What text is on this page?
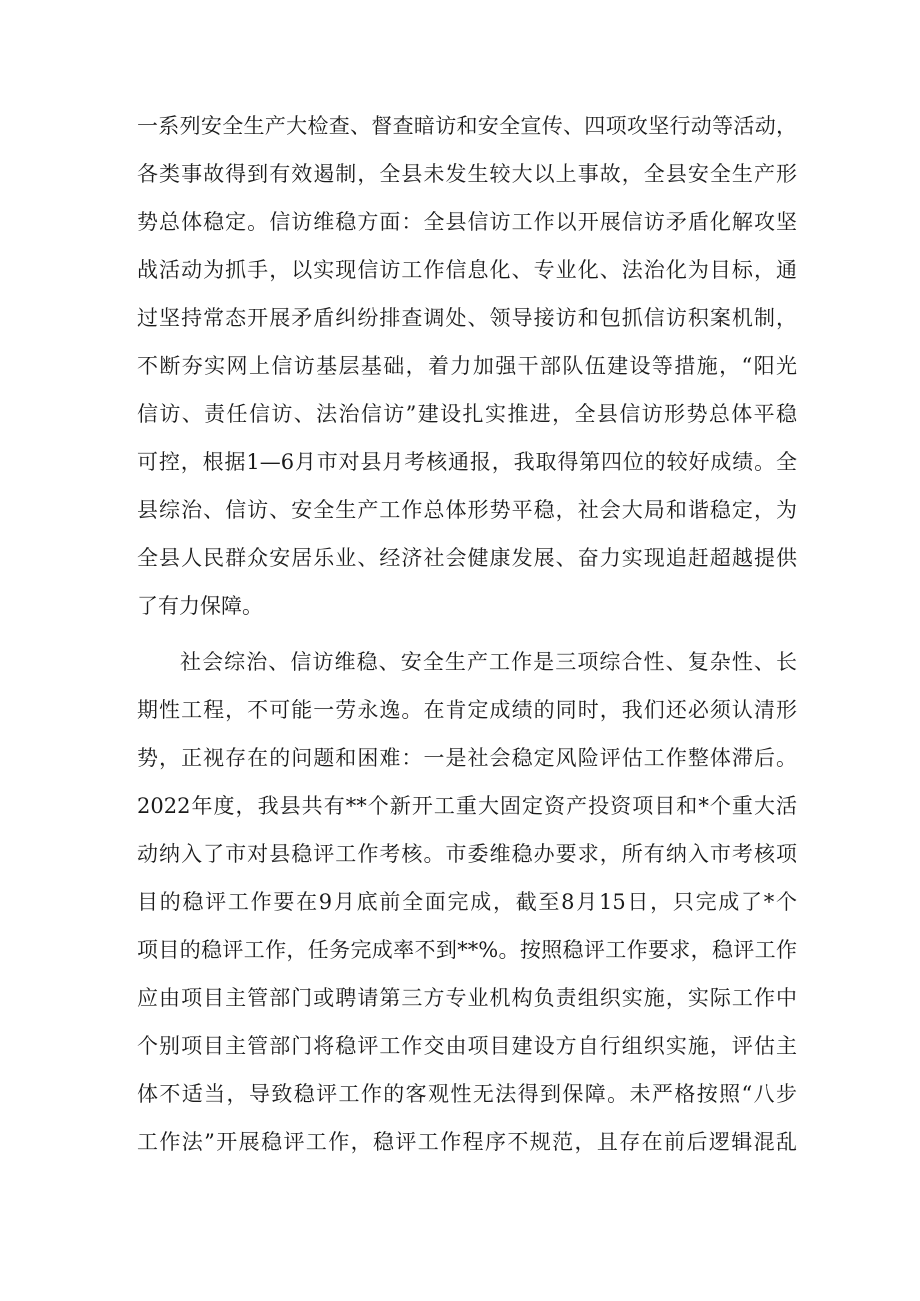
一系列安全生产大检查、督查暗访和安全宣传、四项攻坚行动等活动，
各类事故得到有效遏制，全县未发生较大以上事故，全县安全生产形
势总体稳定。信访维稳方面：全县信访工作以开展信访矛盾化解攻坚
战活动为抓手，以实现信访工作信息化、专业化、法治化为目标，通
过坚持常态开展矛盾纠纷排查调处、领导接访和包抓信访积案机制，
不断夯实网上信访基层基础，着力加强干部队伍建设等措施，“阳光
信访、责任信访、法治信访”建设扎实推进，全县信访形势总体平稳
可控，根据1—6月市对县月考核通报，我取得第四位的较好成绩。全
县综治、信访、安全生产工作总体形势平稳，社会大局和谐稳定，为
全县人民群众安居乐业、经济社会健康发展、奋力实现追赶超越提供
了有力保障。
社会综治、信访维稳、安全生产工作是三项综合性、复杂性、长
期性工程，不可能一劳永逸。在肯定成绩的同时，我们还必须认清形
势，正视存在的问题和困难：一是社会稳定风险评估工作整体滞后。
2022年度，我县共有**个新开工重大固定资产投资项目和*个重大活
动纳入了市对县稳评工作考核。市委维稳办要求，所有纳入市考核项
目的稳评工作要在9月底前全面完成，截至8月15日，只完成了*个
项目的稳评工作，任务完成率不到**%。按照稳评工作要求，稳评工作
应由项目主管部门或聘请第三方专业机构负责组织实施，实际工作中
个别项目主管部门将稳评工作交由项目建设方自行组织实施，评估主
体不适当，导致稳评工作的客观性无法得到保障。未严格按照“八步
工作法”开展稳评工作，稳评工作程序不规范，且存在前后逻辑混乱
